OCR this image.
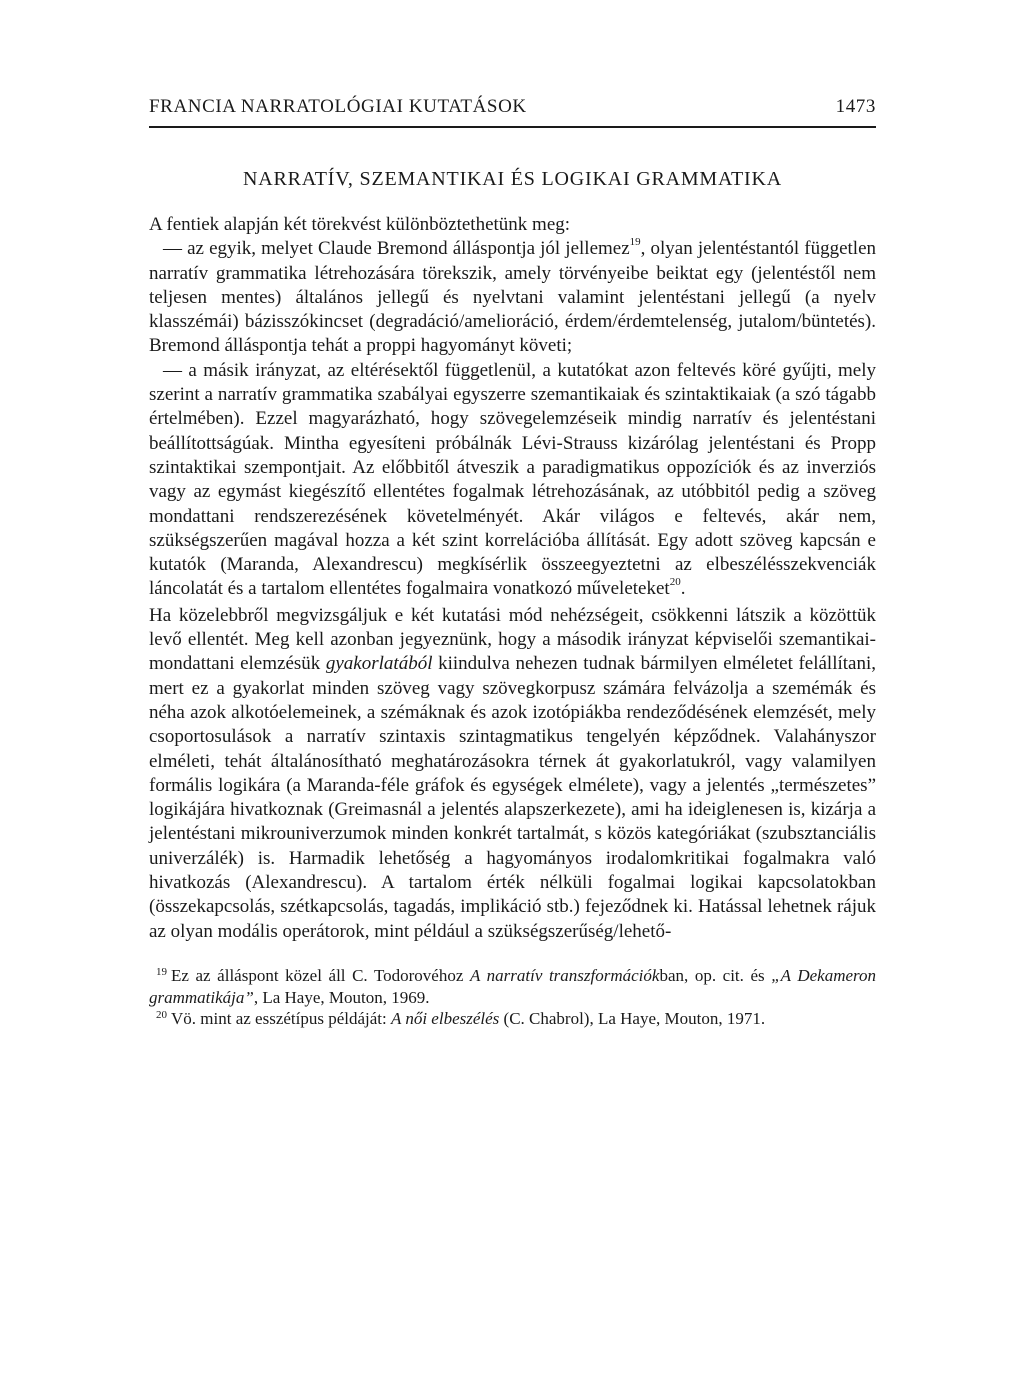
FRANCIA NARRATOLÓGIAI KUTATÁSOK	1473
NARRATÍV, SZEMANTIKAI ÉS LOGIKAI GRAMMATIKA

A fentiek alapján két törekvést különböztethetünk meg:

— az egyik, melyet Claude Bremond álláspontja jól jellemez$^{19}$, olyan jelentéstantól független narratív grammatika létrehozására törekszik, amely törvényeibe beiktat egy (jelentéstől nem teljesen mentes) általános jellegű és nyelvtani valamint jelentéstani jellegű (a nyelv klasszémái) bázisszókincset (degradáció/amelioráció, érdem/érdemtelenség, jutalom/büntetés). Bremond álláspontja tehát a proppi hagyományt követi;

— a másik irányzat, az eltérésektől függetlenül, a kutatókat azon feltevés köré gyűjti, mely szerint a narratív grammatika szabályai egyszerre szemantikaiak és szintaktikaiak (a szó tágabb értelmében). Ezzel magyarázható, hogy szövegelemzéseik mindig narratív és jelentéstani beállítottságúak. Mintha egyesíteni próbálnák Lévi-Strauss kizárólag jelentéstani és Propp szintaktikai szempontjait. Az előbbitől átveszik a paradigmatikus oppozíciók és az inverziós vagy az egymást kiegészítő ellentétes fogalmak létrehozásának, az utóbbitól pedig a szöveg mondattani rendszerezésének követelményét. Akár világos e feltevés, akár nem, szükségszerűen magával hozza a két szint korrelációba állítását. Egy adott szöveg kapcsán e kutatók (Maranda, Alexandrescu) megkísérlik összeegyeztetni az elbeszélésszekvenciák láncolatát és a tartalom ellentétes fogalmaira vonatkozó műveleteket$^{20}$.

Ha közelebbről megvizsgáljuk e két kutatási mód nehézségeit, csökkenni látszik a közöttük levő ellentét. Meg kell azonban jegyeznünk, hogy a második irányzat képviselői szemantikai-mondattani elemzésük gyakorlatából kiindulva nehezen tudnak bármilyen elméletet felállítani, mert ez a gyakorlat minden szöveg vagy szövegkorpusz számára felvázolja a szemémák és néha azok alkotóelemeinek, a szémáknak és azok izotópiákba rendeződésének elemzését, mely csoportosulások a narratív szintaxis szintagmatikus tengelyén képződnek. Valahányszor elméleti, tehát általánosítható meghatározásokra térnek át gyakorlatukról, vagy valamilyen formális logikára (a Maranda-féle gráfok és egységek elmélete), vagy a jelentés „természetes” logikájára hivatkoznak (Greimasnál a jelentés alapszerkezete), ami ha ideiglenesen is, kizárja a jelentéstani mikrouniverzumok minden konkrét tartalmát, s közös kategóriákat (szubsztanciális univerzálék) is. Harmadik lehetőség a hagyományos irodalomkritikai fogalmakra való hivatkozás (Alexandrescu). A tartalom érték nélküli fogalmai logikai kapcsolatokban (összekapcsolás, szétkapcsolás, tagadás, implikáció stb.) fejeződnek ki. Hatással lehetnek rájuk az olyan modális operátorok, mint például a szükségszerűség/lehető-

$^{19}$ Ez az álláspont közel áll C. Todorovéhoz A narratív transzformációkban, op. cit. és „A Dekameron grammatikája”, La Haye, Mouton, 1969.

$^{20}$ Vö. mint az esszétípus példáját: A női elbeszélés (C. Chabrol), La Haye, Mouton, 1971.
